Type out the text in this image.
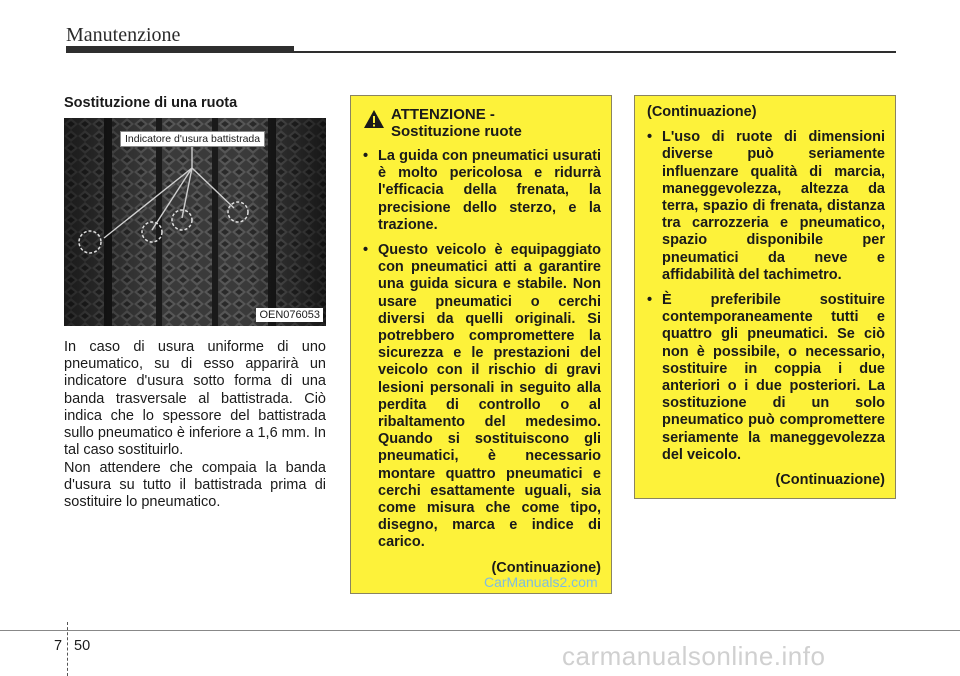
Manutenzione
Sostituzione di una ruota
OEN076053
Indicatore d'usura battistrada
In caso di usura uniforme di uno pneumatico, su di esso apparirà un indicatore d'usura sotto forma di una banda trasversale al battistrada. Ciò indica che lo spessore del battistrada sullo pneumatico è inferiore a 1,6 mm. In tal caso sostituirlo.
Non attendere che compaia la banda d'usura su tutto il battistrada prima di sostituire lo pneumatico.
ATTENZIONE -
Sostituzione ruote
• La guida con pneumatici usurati è molto pericolosa e ridurrà l'efficacia della frenata, la precisione dello sterzo, e la trazione.
• Questo veicolo è equipaggiato con pneumatici atti a garantire una guida sicura e stabile. Non usare pneumatici o cerchi diversi da quelli originali. Si potrebbero compromettere la sicurezza e le prestazioni del veicolo con il rischio di gravi lesioni personali in seguito alla perdita di controllo o al ribaltamento del medesimo. Quando si sostituiscono gli pneumatici, è necessario montare quattro pneumatici e cerchi esattamente uguali, sia come misura che come tipo, disegno, marca e indice di carico.
(Continuazione)
(Continuazione)
• L'uso di ruote di dimensioni diverse può seriamente influenzare qualità di marcia, maneggevolezza, altezza da terra, spazio di frenata, distanza tra carrozzeria e pneumatico, spazio disponibile per pneumatici da neve e affidabilità del tachimetro.
• È preferibile sostituire contemporaneamente tutti e quattro gli pneumatici. Se ciò non è possibile, o necessario, sostituire in coppia i due anteriori o i due posteriori. La sostituzione di un solo pneumatico può compromettere seriamente la maneggevolezza del veicolo.
(Continuazione)
CarManuals2.com
7 50	carmanualsonline.info
